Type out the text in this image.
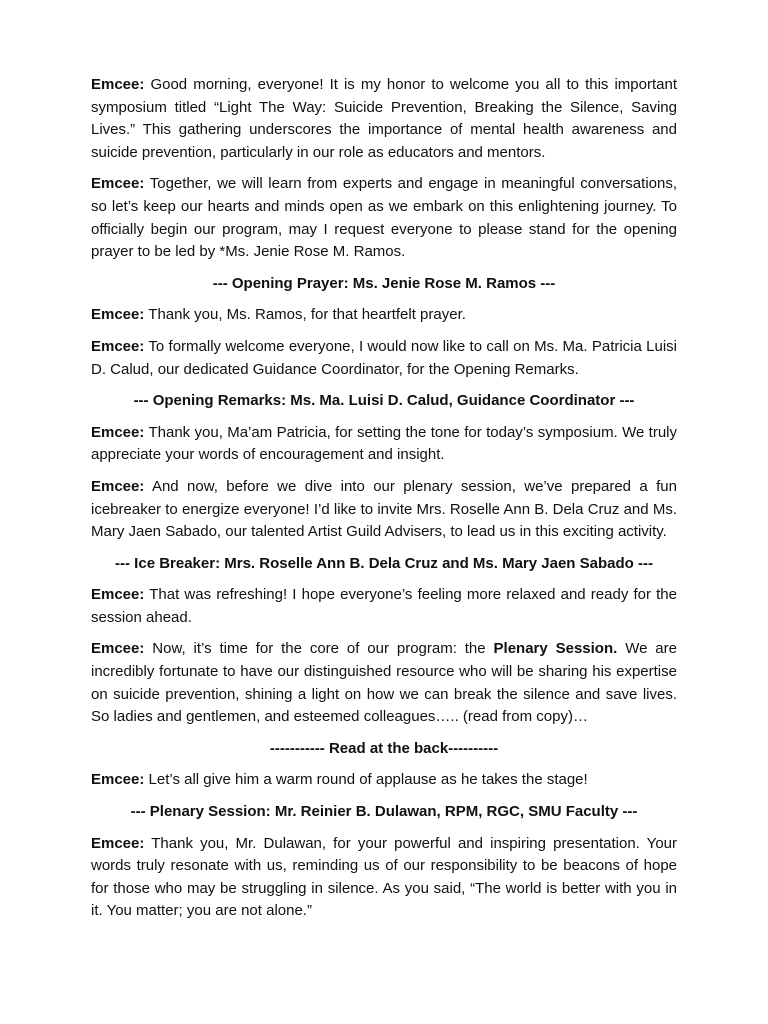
Emcee: Good morning, everyone! It is my honor to welcome you all to this important symposium titled “Light The Way: Suicide Prevention, Breaking the Silence, Saving Lives.” This gathering underscores the importance of mental health awareness and suicide prevention, particularly in our role as educators and mentors.

Emcee: Together, we will learn from experts and engage in meaningful conversations, so let’s keep our hearts and minds open as we embark on this enlightening journey. To officially begin our program, may I request everyone to please stand for the opening prayer to be led by *Ms. Jenie Rose M. Ramos.

--- Opening Prayer: Ms. Jenie Rose M. Ramos ---

Emcee: Thank you, Ms. Ramos, for that heartfelt prayer.

Emcee: To formally welcome everyone, I would now like to call on Ms. Ma. Patricia Luisi D. Calud, our dedicated Guidance Coordinator, for the Opening Remarks.

--- Opening Remarks: Ms. Ma. Luisi D. Calud, Guidance Coordinator ---

Emcee: Thank you, Ma’am Patricia, for setting the tone for today’s symposium. We truly appreciate your words of encouragement and insight.

Emcee: And now, before we dive into our plenary session, we’ve prepared a fun icebreaker to energize everyone! I’d like to invite Mrs. Roselle Ann B. Dela Cruz and Ms. Mary Jaen Sabado, our talented Artist Guild Advisers, to lead us in this exciting activity.

--- Ice Breaker: Mrs. Roselle Ann B. Dela Cruz and Ms. Mary Jaen Sabado ---

Emcee: That was refreshing! I hope everyone’s feeling more relaxed and ready for the session ahead.

Emcee: Now, it’s time for the core of our program: the Plenary Session. We are incredibly fortunate to have our distinguished resource who will be sharing his expertise on suicide prevention, shining a light on how we can break the silence and save lives. So ladies and gentlemen, and esteemed colleagues….. (read from copy)…

----------- Read at the back----------

Emcee: Let’s all give him a warm round of applause as he takes the stage!

--- Plenary Session: Mr. Reinier B. Dulawan, RPM, RGC, SMU Faculty ---

Emcee: Thank you, Mr. Dulawan, for your powerful and inspiring presentation. Your words truly resonate with us, reminding us of our responsibility to be beacons of hope for those who may be struggling in silence. As you said, “The world is better with you in it. You matter; you are not alone.”
